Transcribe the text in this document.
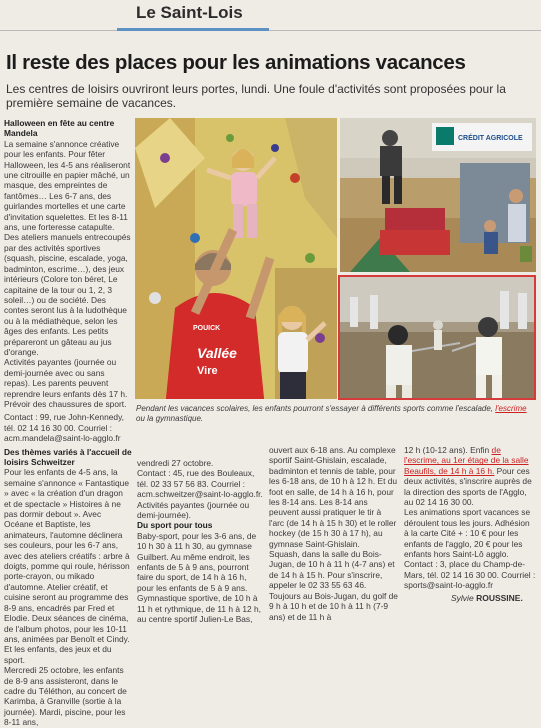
Le Saint-Lois
Il reste des places pour les animations vacances
Les centres de loisirs ouvriront leurs portes, lundi. Une foule d'activités sont proposées pour la première semaine de vacances.

Halloween en fête au centre Mandela

La semaine s'annonce créative pour les enfants. Pour fêter Halloween, les 4-5 ans réaliseront une citrouille en papier mâché, un masque, des empreintes de fantômes… Les 6-7 ans, des guirlandes mortelles et une carte d'invitation squelettes. Et les 8-11 ans, une forteresse catapulte.

Des ateliers manuels entrecoupés par des activités sportives (squash, piscine, escalade, yoga, badminton, escrime…), des jeux intérieurs (Colore ton béret, Le capitaine de la tour ou 1, 2, 3 soleil…) ou de société. Des contes seront lus à la ludothèque ou à la médiathèque, selon les âges des enfants. Les petits prépareront un gâteau au jus d'orange.

Activités payantes (journée ou demi-journée avec ou sans repas). Les parents peuvent reprendre leurs enfants dès 17 h. Prévoir des chaussures de sport.

Contact : 99, rue John-Kennedy, tél. 02 14 16 30 00. Courriel : acm.mandela@saint-lo-agglo.fr

Des thèmes variés à l'accueil de loisirs Schweitzer

Pour les enfants de 4-5 ans, la semaine s'annonce « Fantastique » avec « la création d'un dragon et de spectacle » Histoires à ne pas dormir debout ». Avec Océane et Baptiste, les animateurs, l'automne déclinera ses couleurs, pour les 6-7 ans, avec des ateliers créatifs : arbre à doigts, pomme qui roule, hérisson porte-crayon, ou mikado d'automne. Atelier créatif, et cuisine seront au programme des 8-9 ans, encadrés par Fred et Elodie. Deux séances de cinéma, de l'album photos, pour les 10-11 ans, animées par Benoît et Cindy. Et les enfants, des jeux et du sport.

Mercredi 25 octobre, les enfants de 8-9 ans assisteront, dans le cadre du Téléthon, au concert de Karimba, à Granville (sortie à la journée). Mardi, piscine, pour les 8-11 ans,

POUICK
Vallée
Vire
CRÉDIT AGRICOLE
Pendant les vacances scolaires, les enfants pourront s'essayer à différents sports comme l'escalade, l'escrime ou la gymnastique.

vendredi 27 octobre.

Contact : 45, rue des Bouleaux, tél. 02 33 57 56 83. Courriel : acm.schweitzer@saint-lo-agglo.fr. Activités payantes (journée ou demi-journée).

Du sport pour tous

Baby-sport, pour les 3-6 ans, de 10 h 30 à 11 h 30, au gymnase Guilbert. Au même endroit, les enfants de 5 à 9 ans, pourront faire du sport, de 14 h à 16 h, pour les enfants de 5 à 9 ans. Gymnastique sportive, de 10 h à 11 h et rythmique, de 11 h à 12 h, au centre sportif Julien-Le Bas,

ouvert aux 6-18 ans. Au complexe sportif Saint-Ghislain, escalade, badminton et tennis de table, pour les 6-18 ans, de 10 h à 12 h. Et du foot en salle, de 14 h à 16 h, pour les 8-14 ans. Les 8-14 ans peuvent aussi pratiquer le tir à l'arc (de 14 h à 15 h 30) et le roller hockey (de 15 h 30 à 17 h), au gymnase Saint-Ghislain.

Squash, dans la salle du Bois-Jugan, de 10 h à 11 h (4-7 ans) et de 14 h à 15 h. Pour s'inscrire, appeler le 02 33 55 63 46. Toujours au Bois-Jugan, du golf de 9 h à 10 h et de 10 h à 11 h (7-9 ans) et de 11 h à

12 h (10-12 ans). Enfin de l'escrime, au 1er étage de la salle Beaufils, de 14 h à 16 h. Pour ces deux activités, s'inscrire auprès de la direction des sports de l'Agglo, au 02 14 16 30 00.

Les animations sport vacances se déroulent tous les jours. Adhésion à la carte Cité + : 10 € pour les enfants de l'agglo, 20 € pour les enfants hors Saint-Lô agglo.

Contact : 3, place du Champ-de-Mars, tél. 02 14 16 30 00. Courriel : sports@saint-lo-agglo.fr

Sylvie ROUSSINE.
